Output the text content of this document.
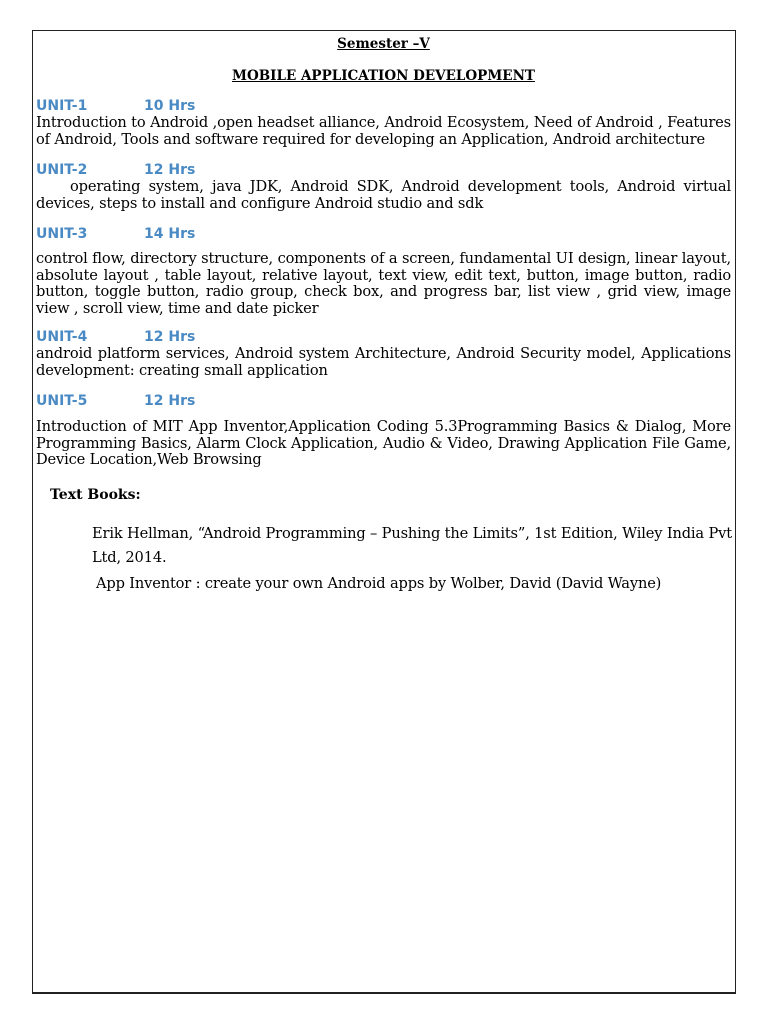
Semester –V
MOBILE APPLICATION DEVELOPMENT
UNIT-1	10 Hrs

Introduction to Android ,open headset alliance, Android Ecosystem, Need of Android , Features of Android, Tools and software required for developing an Application, Android architecture

UNIT-2	12 Hrs

operating system, java JDK, Android SDK, Android development tools, Android virtual devices, steps to install and configure Android studio and sdk

UNIT-3	14 Hrs

control flow, directory structure, components of a screen, fundamental UI design, linear layout, absolute layout , table layout, relative layout, text view, edit text, button, image button, radio button, toggle button, radio group, check box, and progress bar, list view , grid view, image view , scroll view, time and date picker

UNIT-4	12 Hrs

android platform services, Android system Architecture, Android Security model, Applications development: creating small application

UNIT-5	12 Hrs

Introduction of MIT App Inventor,Application Coding 5.3Programming Basics & Dialog, More Programming Basics, Alarm Clock Application, Audio & Video, Drawing Application File Game, Device Location,Web Browsing

Text Books:
Erik Hellman, “Android Programming – Pushing the Limits”, 1st Edition, Wiley India Pvt Ltd, 2014.
App Inventor : create your own Android apps by Wolber, David (David Wayne)
